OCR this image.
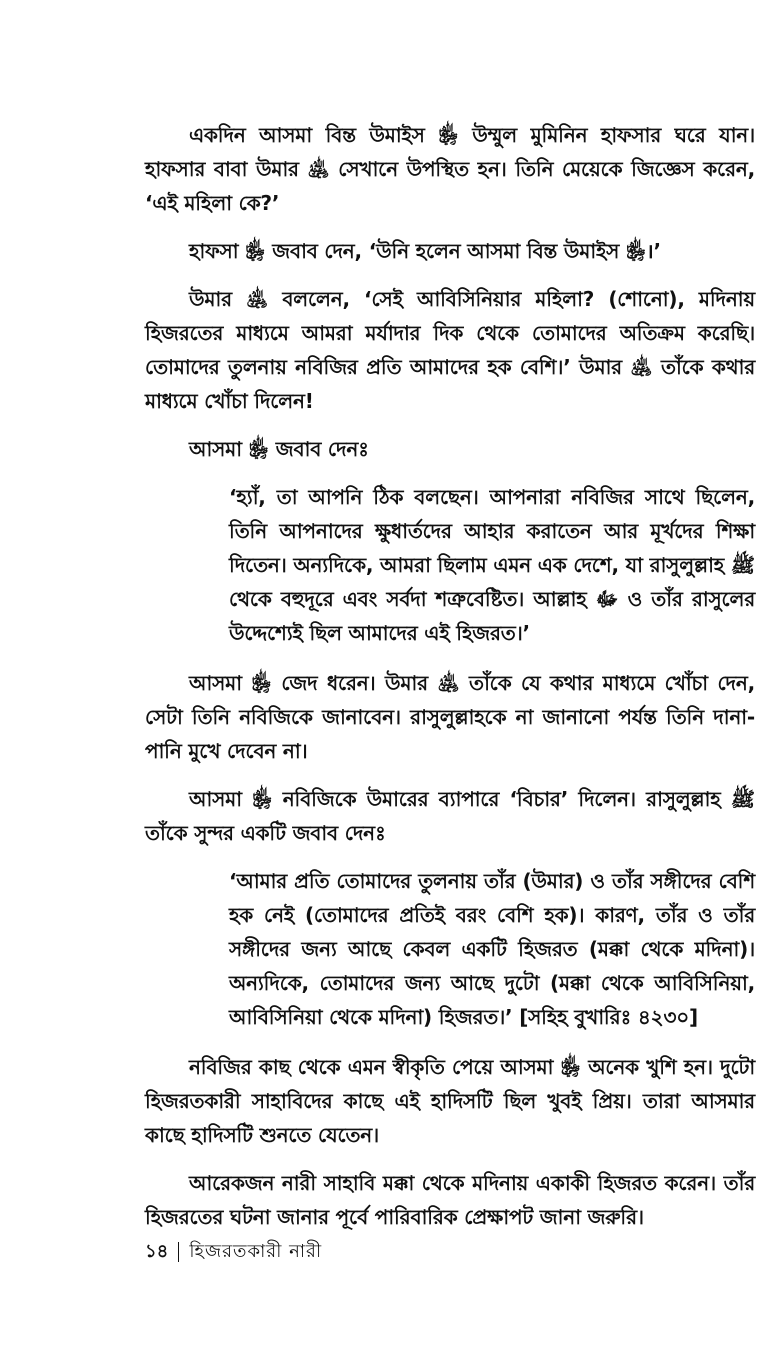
একদিন আসমা বিন্ত উমাইস ﵂ উম্মুল মুমিনিন হাফসার ঘরে যান। হাফসার বাবা উমার ﵁ সেখানে উপস্থিত হন। তিনি মেয়েকে জিজ্ঞেস করেন, ‘এই মহিলা কে?’

হাফসা ﵂ জবাব দেন, ‘উনি হলেন আসমা বিন্ত উমাইস ﵂।’

উমার ﵁ বললেন, ‘সেই আবিসিনিয়ার মহিলা? (শোনো), মদিনায় হিজরতের মাধ্যমে আমরা মর্যাদার দিক থেকে তোমাদের অতিক্রম করেছি। তোমাদের তুলনায় নবিজির প্রতি আমাদের হক বেশি।’ উমার ﵁ তাঁকে কথার মাধ্যমে খোঁচা দিলেন!

আসমা ﵂ জবাব দেনঃ

‘হ্যাঁ, তা আপনি ঠিক বলছেন। আপনারা নবিজির সাথে ছিলেন, তিনি আপনাদের ক্ষুধার্তদের আহার করাতেন আর মূর্খদের শিক্ষা দিতেন। অন্যদিকে, আমরা ছিলাম এমন এক দেশে, যা রাসুলুল্লাহ ﷺ থেকে বহুদূরে এবং সর্বদা শত্রুবেষ্টিত। আল্লাহ ﷻ ও তাঁর রাসুলের উদ্দেশ্যেই ছিল আমাদের এই হিজরত।’

আসমা ﵂ জেদ ধরেন। উমার ﵁ তাঁকে যে কথার মাধ্যমে খোঁচা দেন, সেটা তিনি নবিজিকে জানাবেন। রাসুলুল্লাহকে না জানানো পর্যন্ত তিনি দানা-পানি মুখে দেবেন না।

আসমা ﵂ নবিজিকে উমারের ব্যাপারে ‘বিচার’ দিলেন। রাসুলুল্লাহ ﷺ তাঁকে সুন্দর একটি জবাব দেনঃ

‘আমার প্রতি তোমাদের তুলনায় তাঁর (উমার) ও তাঁর সঙ্গীদের বেশি হক নেই (তোমাদের প্রতিই বরং বেশি হক)। কারণ, তাঁর ও তাঁর সঙ্গীদের জন্য আছে কেবল একটি হিজরত (মক্কা থেকে মদিনা)। অন্যদিকে, তোমাদের জন্য আছে দুটো (মক্কা থেকে আবিসিনিয়া, আবিসিনিয়া থেকে মদিনা) হিজরত।’ [সহিহ বুখারিঃ ৪২৩০]

নবিজির কাছ থেকে এমন স্বীকৃতি পেয়ে আসমা ﵂ অনেক খুশি হন। দুটো হিজরতকারী সাহাবিদের কাছে এই হাদিসটি ছিল খুবই প্রিয়। তারা আসমার কাছে হাদিসটি শুনতে যেতেন।

আরেকজন নারী সাহাবি মক্কা থেকে মদিনায় একাকী হিজরত করেন। তাঁর হিজরতের ঘটনা জানার পূর্বে পারিবারিক প্রেক্ষাপট জানা জরুরি।

১৪ হিজরতকারী নারী
